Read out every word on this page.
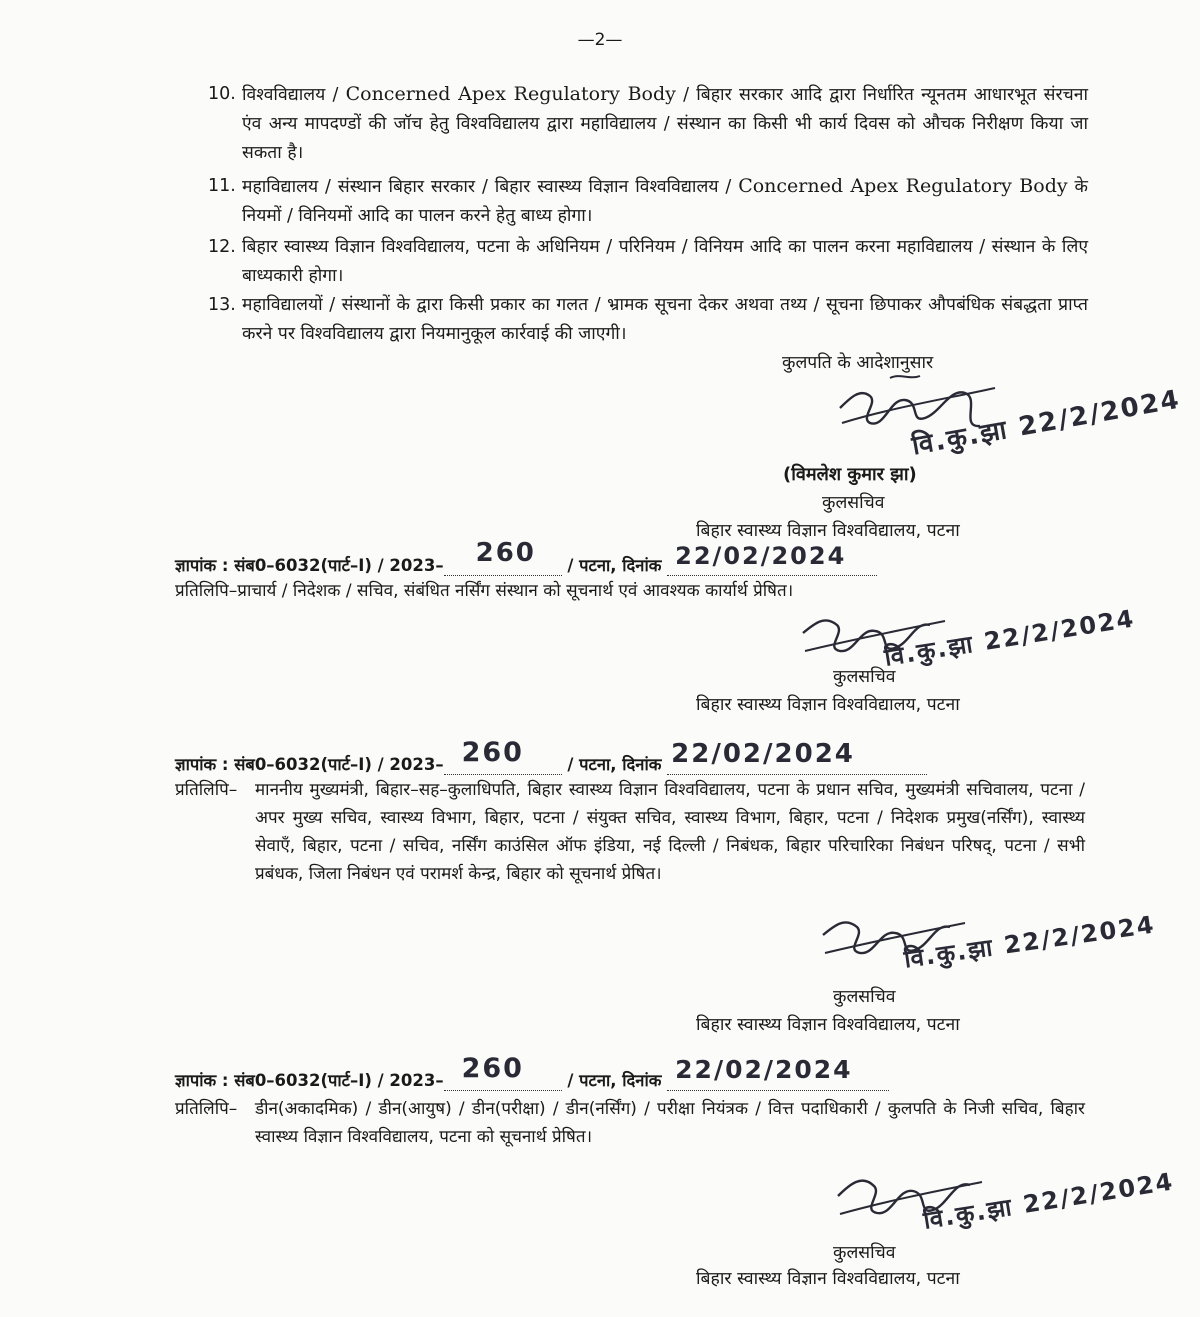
—2—
10. विश्वविद्यालय / Concerned Apex Regulatory Body / बिहार सरकार आदि द्वारा निर्धारित न्यूनतम आधारभूत संरचना एंव अन्य मापदण्डों की जॉच हेतु विश्वविद्यालय द्वारा महाविद्यालय / संस्थान का किसी भी कार्य दिवस को औचक निरीक्षण किया जा सकता है।
11. महाविद्यालय / संस्थान बिहार सरकार / बिहार स्वास्थ्य विज्ञान विश्वविद्यालय / Concerned Apex Regulatory Body के नियमों / विनियमों आदि का पालन करने हेतु बाध्य होगा।
12. बिहार स्वास्थ्य विज्ञान विश्वविद्यालय, पटना के अधिनियम / परिनियम / विनियम आदि का पालन करना महाविद्यालय / संस्थान के लिए बाध्यकारी होगा।
13. महाविद्यालयों / संस्थानों के द्वारा किसी प्रकार का गलत / भ्रामक सूचना देकर अथवा तथ्य / सूचना छिपाकर औपबंधिक संबद्धता प्राप्त करने पर विश्वविद्यालय द्वारा नियमानुकूल कार्रवाई की जाएगी।
कुलपति के आदेशानुसार
वि.कु.झा 22/2/2024
(विमलेश कुमार झा)
कुलसचिव
बिहार स्वास्थ्य विज्ञान विश्वविद्यालय, पटना
ज्ञापांक : संब0–6032(पार्ट–I) / 2023– 260 / पटना, दिनांक 22/02/2024

प्रतिलिपि–प्राचार्य / निदेशक / सचिव, संबंधित नर्सिंग संस्थान को सूचनार्थ एवं आवश्यक कार्यार्थ प्रेषित।
वि.कु.झा 22/2/2024
कुलसचिव
बिहार स्वास्थ्य विज्ञान विश्वविद्यालय, पटना
ज्ञापांक : संब0–6032(पार्ट–I) / 2023– 260	/ पटना, दिनांक 22/02/2024

प्रतिलिपि– माननीय मुख्यमंत्री, बिहार–सह–कुलाधिपति, बिहार स्वास्थ्य विज्ञान विश्वविद्यालय, पटना के प्रधान सचिव, मुख्यमंत्री सचिवालय, पटना / अपर मुख्य सचिव, स्वास्थ्य विभाग, बिहार, पटना / संयुक्त सचिव, स्वास्थ्य विभाग, बिहार, पटना / निदेशक प्रमुख(नर्सिंग), स्वास्थ्य सेवाएँ, बिहार, पटना / सचिव, नर्सिंग काउंसिल ऑफ इंडिया, नई दिल्ली / निबंधक, बिहार परिचारिका निबंधन परिषद्, पटना / सभी प्रबंधक, जिला निबंधन एवं परामर्श केन्द्र, बिहार को सूचनार्थ प्रेषित।
वि.कु.झा 22/2/2024
कुलसचिव
बिहार स्वास्थ्य विज्ञान विश्वविद्यालय, पटना
ज्ञापांक : संब0–6032(पार्ट–I) / 2023– 260	/ पटना, दिनांक 22/02/2024

प्रतिलिपि– डीन(अकादमिक) / डीन(आयुष) / डीन(परीक्षा) / डीन(नर्सिंग) / परीक्षा नियंत्रक / वित्त पदाधिकारी / कुलपति के निजी सचिव, बिहार स्वास्थ्य विज्ञान विश्वविद्यालय, पटना को सूचनार्थ प्रेषित।
वि.कु.झा 22/2/2024
कुलसचिव
बिहार स्वास्थ्य विज्ञान विश्वविद्यालय, पटना
